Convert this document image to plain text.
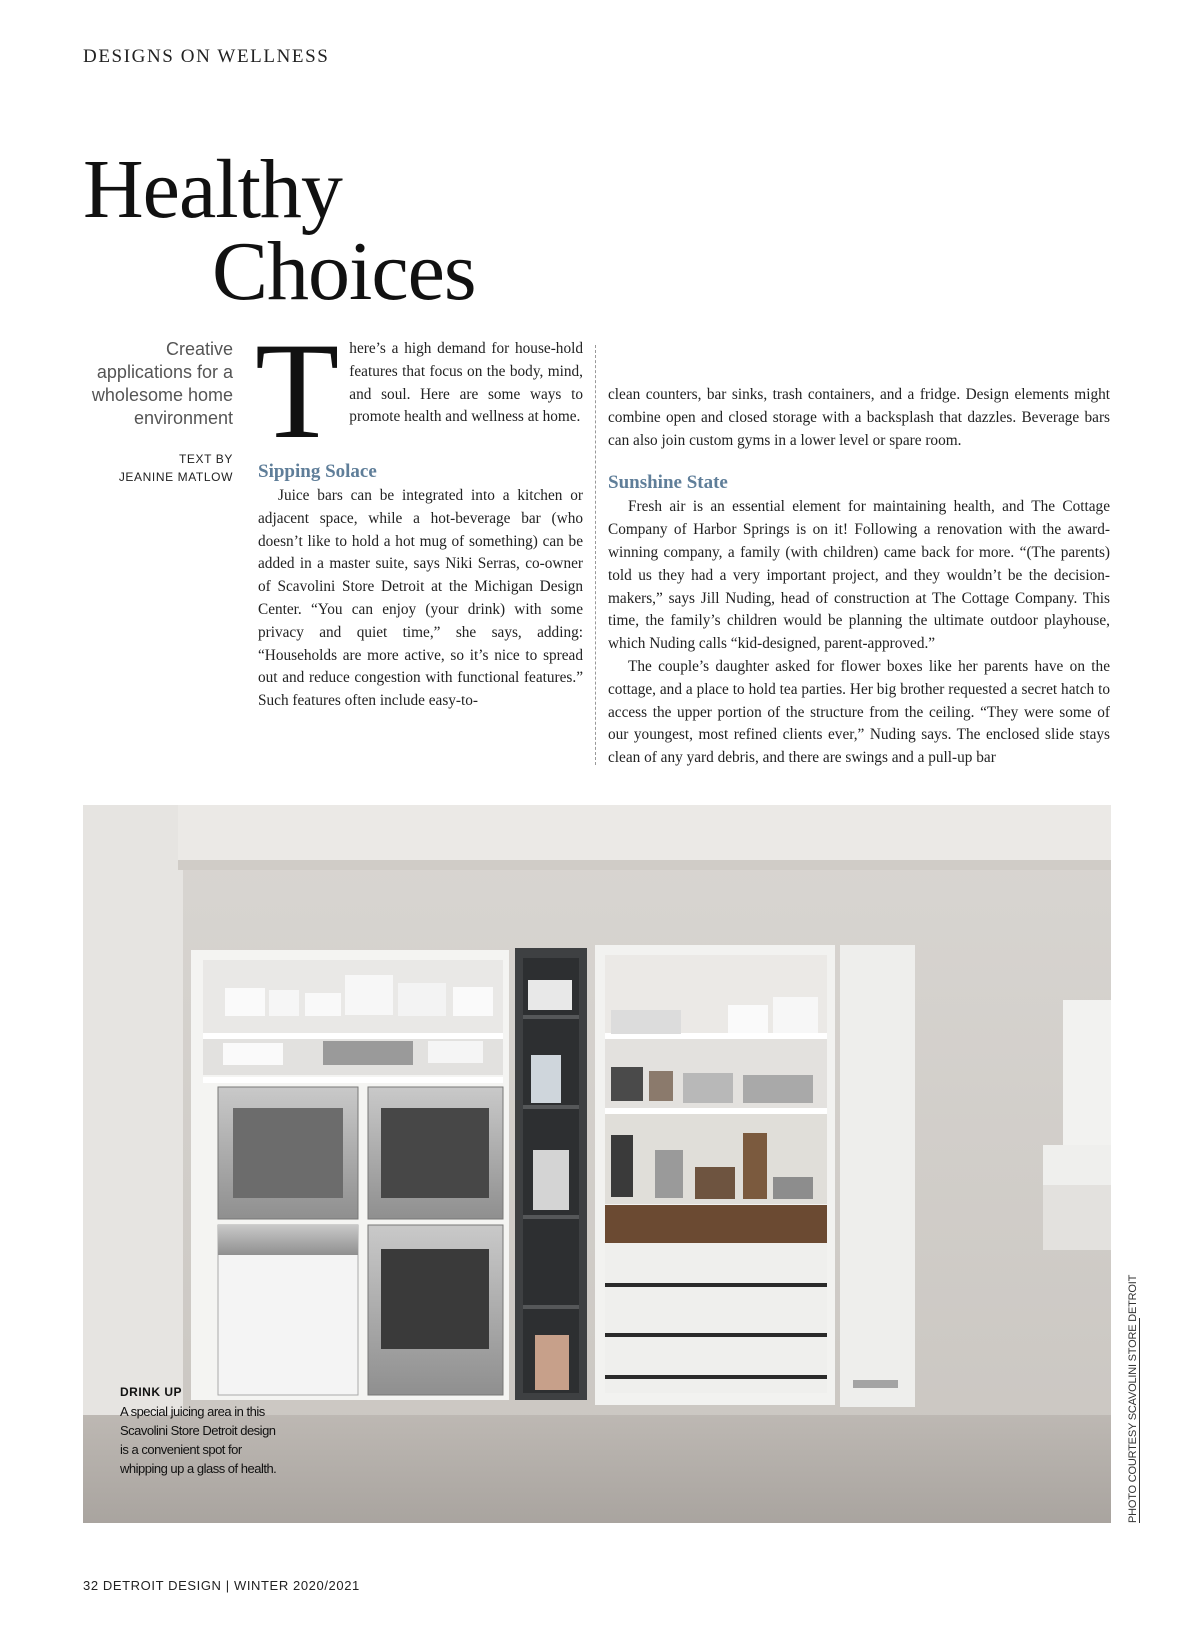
DESIGNS ON WELLNESS
Healthy
Choices
Creative applications for a wholesome home environment
TEXT BY
JEANINE MATLOW

There’s a high demand for house-hold features that focus on the body, mind, and soul. Here are some ways to promote health and wellness at home.

Sipping Solace

Juice bars can be integrated into a kitchen or adjacent space, while a hot-beverage bar (who doesn’t like to hold a hot mug of something) can be added in a master suite, says Niki Serras, co-owner of Scavolini Store Detroit at the Michigan Design Center. “You can enjoy (your drink) with some privacy and quiet time,” she says, adding: “Households are more active, so it’s nice to spread out and reduce congestion with functional features.” Such features often include easy-to-

clean counters, bar sinks, trash containers, and a fridge. Design elements might combine open and closed storage with a backsplash that dazzles. Beverage bars can also join custom gyms in a lower level or spare room.

Sunshine State

Fresh air is an essential element for maintaining health, and The Cottage Company of Harbor Springs is on it! Following a renovation with the award-winning company, a family (with children) came back for more. “(The parents) told us they had a very important project, and they wouldn’t be the decision-makers,” says Jill Nuding, head of construction at The Cottage Company. This time, the family’s children would be planning the ultimate outdoor playhouse, which Nuding calls “kid-designed, parent-approved.”

The couple’s daughter asked for flower boxes like her parents have on the cottage, and a place to hold tea parties. Her big brother requested a secret hatch to access the upper portion of the structure from the ceiling. “They were some of our youngest, most refined clients ever,” Nuding says. The enclosed slide stays clean of any yard debris, and there are swings and a pull-up bar

DRINK UP
A special juicing area in this Scavolini Store Detroit design is a convenient spot for whipping up a glass of health.	PHOTO COURTESY SCAVOLINI STORE DETROIT
32 DETROIT DESIGN | WINTER 2020/2021
